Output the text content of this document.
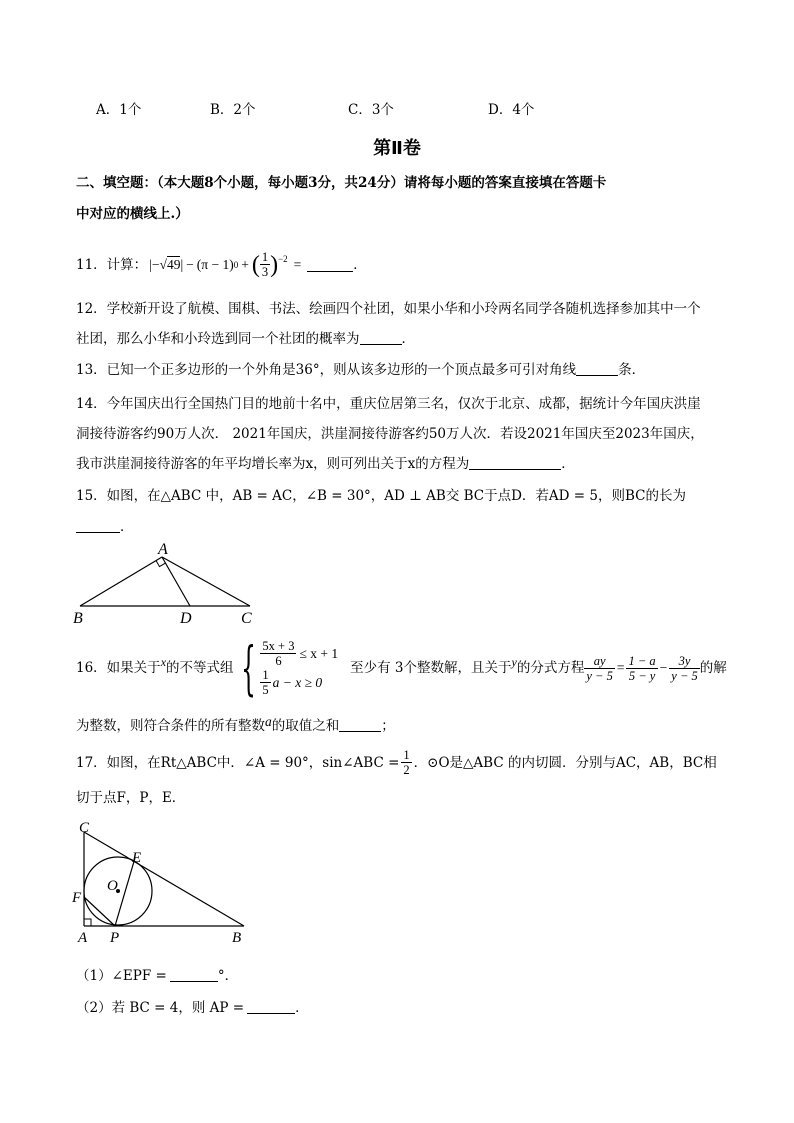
A．1个	B．2个	C．3个	D．4个
第Ⅱ卷
二、填空题：（本大题8个小题，每小题3分，共24分）请将每小题的答案直接填在答题卡
中对应的横线上.）
11．计算： | − √49 | − (π − 1) 0 + ( $\frac{1}{3} )^{-2}$ =	．
12．学校新开设了航模、围棋、书法、绘画四个社团，如果小华和小玲两名同学各随机选择参加其中一个
社团，那么小华和小玲选到同一个社团的概率为	．
13．已知一个正多边形的一个外角是36°，则从该多边形的一个顶点最多可引对角线	条．
14．今年国庆出行全国热门目的地前十名中，重庆位居第三名，仅次于北京、成都，据统计今年国庆洪崖
洞接待游客约90万人次． 2021年国庆，洪崖洞接待游客约50万人次．若设2021年国庆至2023年国庆，
我市洪崖洞接待游客的年平均增长率为x，则可列出关于x的方程为	．
15．如图，在△ABC 中，AB = AC，∠B = 30°，AD ⊥ AB交 BC于点D．若AD = 5，则BC的长为
．
A
B	D	C
16．如果关于 x 的不等式组 { $\frac{5x + 3}{6} \le x + 1$
$\frac{1}{5}$ a − x ≥ 0
至少有 3个整数解，且关于 y 的分式方程 $\frac{ay}{y - 5} = \frac{1 - a}{5 - y} - \frac{3y}{y - 5}$ 的解
为整数，则符合条件的所有整数a的取值之和	；
17．如图，在Rt△ABC中．∠A = 90°，sin∠ABC = $\frac{1}{2}$ ．⊙O是△ABC 的内切圆．分别与AC，AB，BC相
切于点F，P，E．
C
E
O
F
A P	B
（1）∠EPF =	°．
（2）若 BC = 4，则 AP =	．
